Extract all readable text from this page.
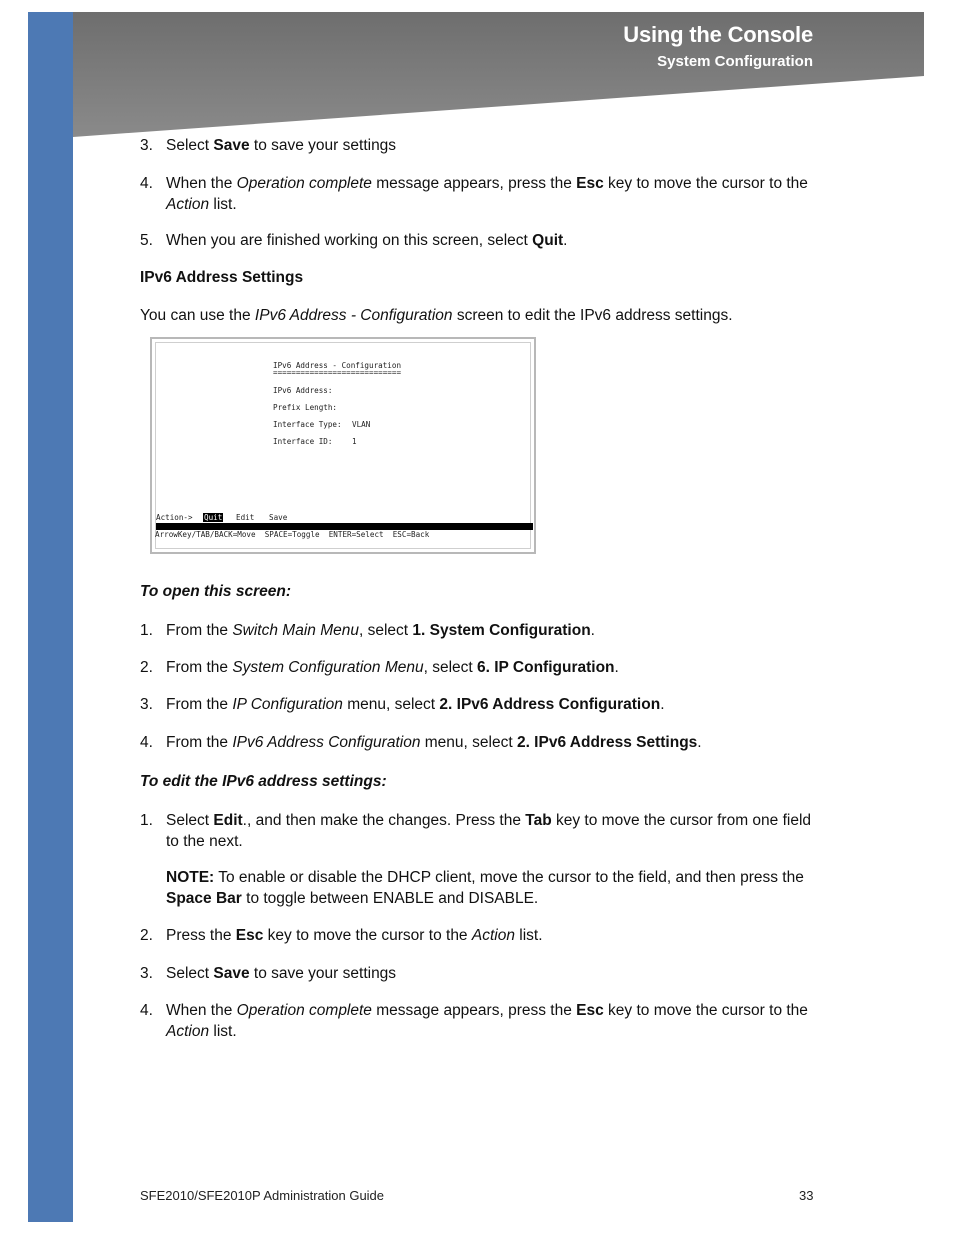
Using the Console
System Configuration
3. Select Save to save your settings
4. When the Operation complete message appears, press the Esc key to move the cursor to the Action list.
5. When you are finished working on this screen, select Quit.
IPv6 Address Settings
You can use the IPv6 Address - Configuration screen to edit the IPv6 address settings.
IPv6 Address - Configuration
============================
IPv6 Address:
Prefix Length:
Interface Type: VLAN
Interface ID:	1
Action-> Quit Edit Save
ArrowKey/TAB/BACK=Move  SPACE=Toggle  ENTER=Select  ESC=Back
To open this screen:
1. From the Switch Main Menu, select 1. System Configuration.
2. From the System Configuration Menu, select 6. IP Configuration.
3. From the IP Configuration menu, select 2. IPv6 Address Configuration.
4. From the IPv6 Address Configuration menu, select 2. IPv6 Address Settings.
To edit the IPv6 address settings:
1. Select Edit., and then make the changes. Press the Tab key to move the cursor from one field to the next.
NOTE: To enable or disable the DHCP client, move the cursor to the field, and then press the Space Bar to toggle between ENABLE and DISABLE.
2. Press the Esc key to move the cursor to the Action list.
3. Select Save to save your settings
4. When the Operation complete message appears, press the Esc key to move the cursor to the Action list.
SFE2010/SFE2010P Administration Guide	33
